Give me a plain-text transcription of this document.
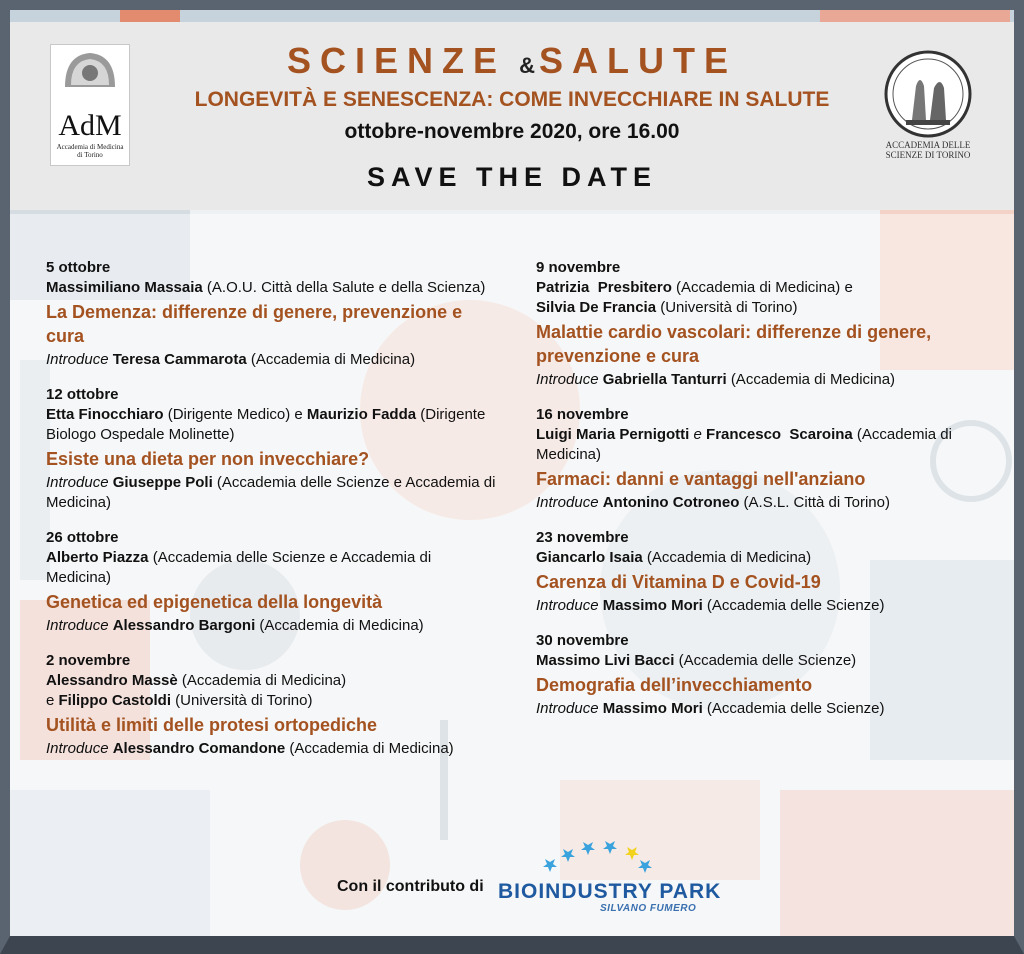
AdM
Accademia di Medicina
di Torino
ACCADEMIA DELLE SCIENZE DI TORINO
SCIENZE & SALUTE
LONGEVITÀ E SENESCENZA: COME INVECCHIARE IN SALUTE
ottobre-novembre 2020, ore 16.00
SAVE THE DATE
5 ottobre
Massimiliano Massaia (A.O.U. Città della Salute e della Scienza)
La Demenza: differenze di genere, prevenzione e cura
Introduce Teresa Cammarota (Accademia di Medicina)
12 ottobre
Etta Finocchiaro (Dirigente Medico) e Maurizio Fadda (Dirigente Biologo Ospedale Molinette)
Esiste una dieta per non invecchiare?
Introduce Giuseppe Poli (Accademia delle Scienze e Accademia di Medicina)
26 ottobre
Alberto Piazza (Accademia delle Scienze e Accademia di Medicina)
Genetica ed epigenetica della longevità
Introduce Alessandro Bargoni (Accademia di Medicina)
2 novembre
Alessandro Massè (Accademia di Medicina)
e Filippo Castoldi (Università di Torino)
Utilità e limiti delle protesi ortopediche
Introduce Alessandro Comandone (Accademia di Medicina)
9 novembre
Patrizia  Presbitero (Accademia di Medicina) e
Silvia De Francia (Università di Torino)
Malattie cardio vascolari: differenze di genere, prevenzione e cura
Introduce Gabriella Tanturri (Accademia di Medicina)
16 novembre
Luigi Maria Pernigotti e Francesco  Scaroina (Accademia di Medicina)
Farmaci: danni e vantaggi nell'anziano
Introduce Antonino Cotroneo (A.S.L. Città di Torino)
23 novembre
Giancarlo Isaia (Accademia di Medicina)
Carenza di Vitamina D e Covid-19
Introduce Massimo Mori (Accademia delle Scienze)
30 novembre
Massimo Livi Bacci (Accademia delle Scienze)
Demografia dell’invecchiamento
Introduce Massimo Mori (Accademia delle Scienze)
Con il contributo di BIOINDUSTRY PARK
SILVANO FUMERO
